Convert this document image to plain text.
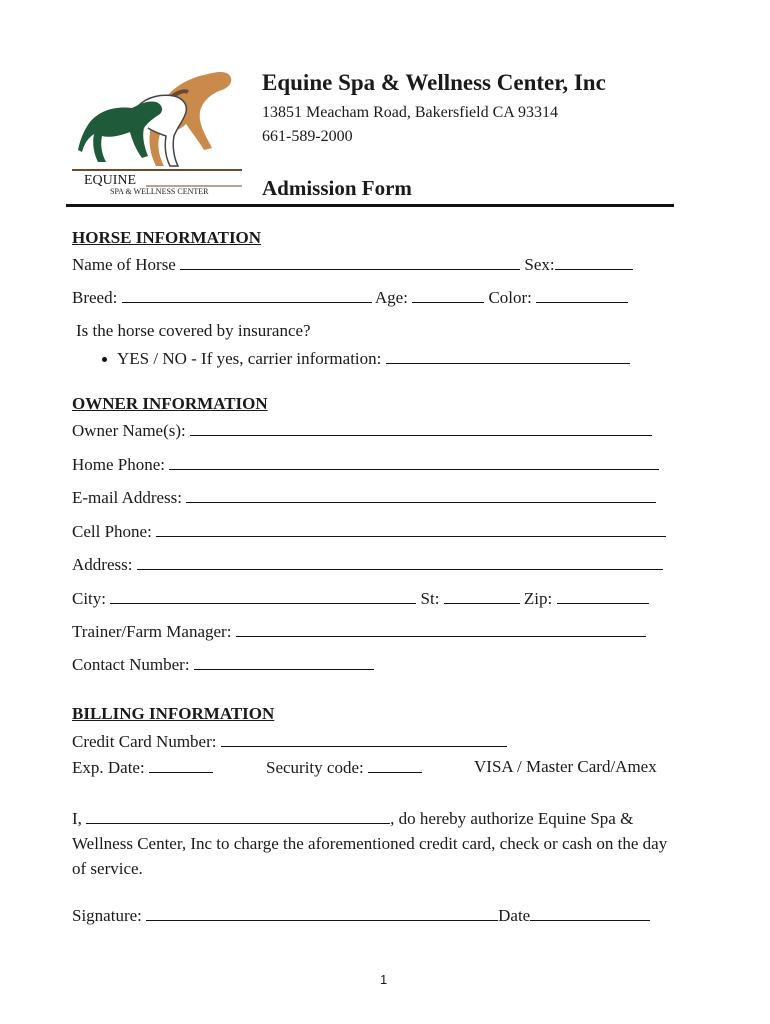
EQUINE
SPA & WELLNESS CENTER
Equine Spa & Wellness Center, Inc
13851 Meacham Road, Bakersfield CA 93314
661-589-2000
Admission Form
HORSE INFORMATION
Name of Horse	Sex:
Breed:	Age:	Color:
Is the horse covered by insurance?
YES / NO - If yes, carrier information:
OWNER INFORMATION
Owner Name(s):
Home Phone:
E-mail Address:
Cell Phone:
Address:
City:	St:	Zip:
Trainer/Farm Manager:
Contact Number:
BILLING INFORMATION
Credit Card Number:
Exp. Date:	Security code:	VISA / Master Card/Amex
I,	, do hereby authorize Equine Spa & Wellness Center, Inc to charge the aforementioned credit card, check or cash on the day of service.
Signature:	Date
1
